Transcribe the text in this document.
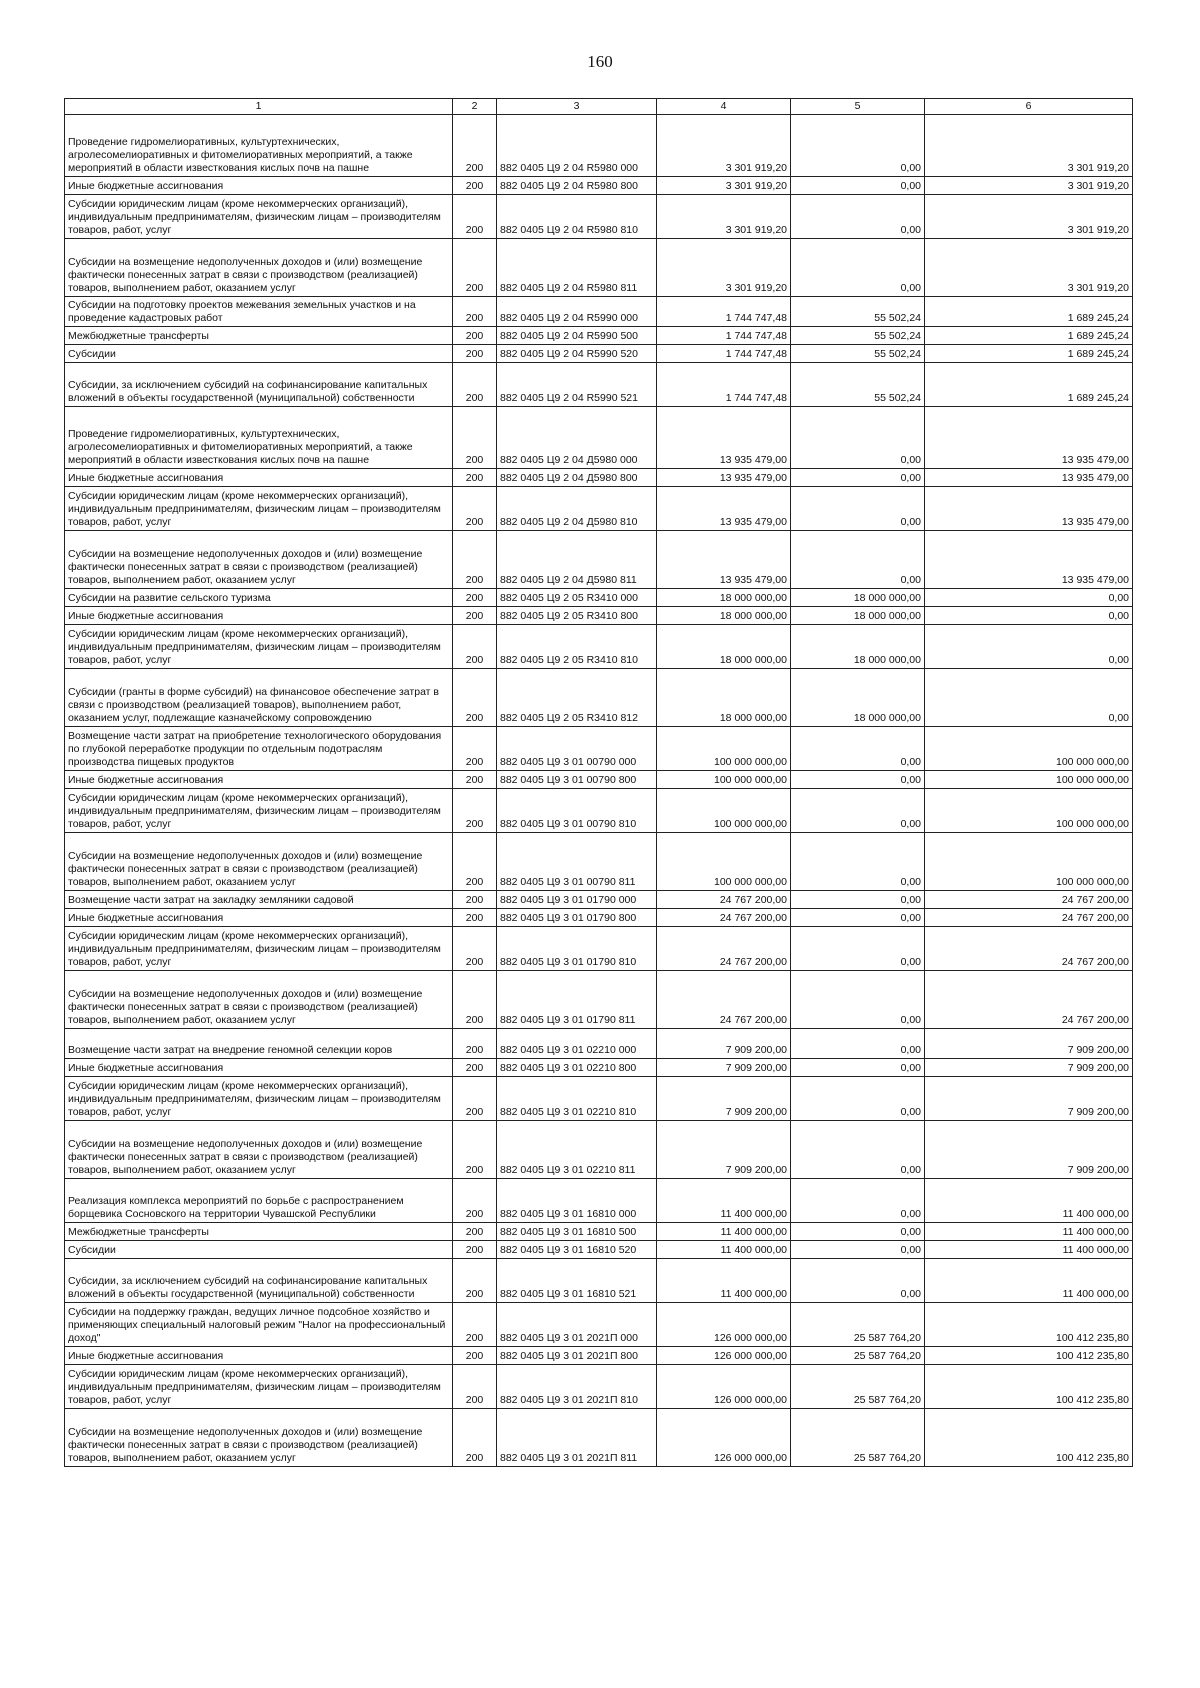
160
1	2	3	4	5	6
Проведение гидромелиоративных, культуртехнических, агролесомелиоративных и фитомелиоративных мероприятий, а также мероприятий в области известкования кислых почв на пашне	200	882 0405 Ц9 2 04 R5980 000	3 301 919,20	0,00	3 301 919,20
Иные бюджетные ассигнования	200	882 0405 Ц9 2 04 R5980 800	3 301 919,20	0,00	3 301 919,20
Субсидии юридическим лицам (кроме некоммерческих организаций), индивидуальным предпринимателям, физическим лицам – производителям товаров, работ, услуг	200	882 0405 Ц9 2 04 R5980 810	3 301 919,20	0,00	3 301 919,20
Субсидии на возмещение недополученных доходов и (или) возмещение фактически понесенных затрат в связи с производством (реализацией) товаров, выполнением работ, оказанием услуг	200	882 0405 Ц9 2 04 R5980 811	3 301 919,20	0,00	3 301 919,20
Субсидии на подготовку проектов межевания земельных участков и на проведение кадастровых работ	200	882 0405 Ц9 2 04 R5990 000	1 744 747,48	55 502,24	1 689 245,24
Межбюджетные трансферты	200	882 0405 Ц9 2 04 R5990 500	1 744 747,48	55 502,24	1 689 245,24
Субсидии	200	882 0405 Ц9 2 04 R5990 520	1 744 747,48	55 502,24	1 689 245,24
Субсидии, за исключением субсидий на софинансирование капитальных вложений в объекты государственной (муниципальной) собственности	200	882 0405 Ц9 2 04 R5990 521	1 744 747,48	55 502,24	1 689 245,24
Проведение гидромелиоративных, культуртехнических, агролесомелиоративных и фитомелиоративных мероприятий, а также мероприятий в области известкования кислых почв на пашне	200	882 0405 Ц9 2 04 Д5980 000	13 935 479,00	0,00	13 935 479,00
Иные бюджетные ассигнования	200	882 0405 Ц9 2 04 Д5980 800	13 935 479,00	0,00	13 935 479,00
Субсидии юридическим лицам (кроме некоммерческих организаций), индивидуальным предпринимателям, физическим лицам – производителям товаров, работ, услуг	200	882 0405 Ц9 2 04 Д5980 810	13 935 479,00	0,00	13 935 479,00
Субсидии на возмещение недополученных доходов и (или) возмещение фактически понесенных затрат в связи с производством (реализацией) товаров, выполнением работ, оказанием услуг	200	882 0405 Ц9 2 04 Д5980 811	13 935 479,00	0,00	13 935 479,00
Субсидии на развитие сельского туризма	200	882 0405 Ц9 2 05 R3410 000	18 000 000,00	18 000 000,00	0,00
Иные бюджетные ассигнования	200	882 0405 Ц9 2 05 R3410 800	18 000 000,00	18 000 000,00	0,00
Субсидии юридическим лицам (кроме некоммерческих организаций), индивидуальным предпринимателям, физическим лицам – производителям товаров, работ, услуг	200	882 0405 Ц9 2 05 R3410 810	18 000 000,00	18 000 000,00	0,00
Субсидии (гранты в форме субсидий) на финансовое обеспечение затрат в связи с производством (реализацией товаров), выполнением работ, оказанием услуг, подлежащие казначейскому сопровождению	200	882 0405 Ц9 2 05 R3410 812	18 000 000,00	18 000 000,00	0,00
Возмещение части затрат на приобретение технологического оборудования по глубокой переработке продукции по отдельным подотраслям производства пищевых продуктов	200	882 0405 Ц9 3 01 00790 000	100 000 000,00	0,00	100 000 000,00
Иные бюджетные ассигнования	200	882 0405 Ц9 3 01 00790 800	100 000 000,00	0,00	100 000 000,00
Субсидии юридическим лицам (кроме некоммерческих организаций), индивидуальным предпринимателям, физическим лицам – производителям товаров, работ, услуг	200	882 0405 Ц9 3 01 00790 810	100 000 000,00	0,00	100 000 000,00
Субсидии на возмещение недополученных доходов и (или) возмещение фактически понесенных затрат в связи с производством (реализацией) товаров, выполнением работ, оказанием услуг	200	882 0405 Ц9 3 01 00790 811	100 000 000,00	0,00	100 000 000,00
Возмещение части затрат на закладку земляники садовой	200	882 0405 Ц9 3 01 01790 000	24 767 200,00	0,00	24 767 200,00
Иные бюджетные ассигнования	200	882 0405 Ц9 3 01 01790 800	24 767 200,00	0,00	24 767 200,00
Субсидии юридическим лицам (кроме некоммерческих организаций), индивидуальным предпринимателям, физическим лицам – производителям товаров, работ, услуг	200	882 0405 Ц9 3 01 01790 810	24 767 200,00	0,00	24 767 200,00
Субсидии на возмещение недополученных доходов и (или) возмещение фактически понесенных затрат в связи с производством (реализацией) товаров, выполнением работ, оказанием услуг	200	882 0405 Ц9 3 01 01790 811	24 767 200,00	0,00	24 767 200,00
Возмещение части затрат на внедрение геномной селекции коров	200	882 0405 Ц9 3 01 02210 000	7 909 200,00	0,00	7 909 200,00
Иные бюджетные ассигнования	200	882 0405 Ц9 3 01 02210 800	7 909 200,00	0,00	7 909 200,00
Субсидии юридическим лицам (кроме некоммерческих организаций), индивидуальным предпринимателям, физическим лицам – производителям товаров, работ, услуг	200	882 0405 Ц9 3 01 02210 810	7 909 200,00	0,00	7 909 200,00
Субсидии на возмещение недополученных доходов и (или) возмещение фактически понесенных затрат в связи с производством (реализацией) товаров, выполнением работ, оказанием услуг	200	882 0405 Ц9 3 01 02210 811	7 909 200,00	0,00	7 909 200,00
Реализация комплекса мероприятий по борьбе с распространением борщевика Сосновского на территории Чувашской Республики	200	882 0405 Ц9 3 01 16810 000	11 400 000,00	0,00	11 400 000,00
Межбюджетные трансферты	200	882 0405 Ц9 3 01 16810 500	11 400 000,00	0,00	11 400 000,00
Субсидии	200	882 0405 Ц9 3 01 16810 520	11 400 000,00	0,00	11 400 000,00
Субсидии, за исключением субсидий на софинансирование капитальных вложений в объекты государственной (муниципальной) собственности	200	882 0405 Ц9 3 01 16810 521	11 400 000,00	0,00	11 400 000,00
Субсидии на поддержку граждан, ведущих личное подсобное хозяйство и применяющих специальный налоговый режим "Налог на профессиональный доход"	200	882 0405 Ц9 3 01 2021П 000	126 000 000,00	25 587 764,20	100 412 235,80
Иные бюджетные ассигнования	200	882 0405 Ц9 3 01 2021П 800	126 000 000,00	25 587 764,20	100 412 235,80
Субсидии юридическим лицам (кроме некоммерческих организаций), индивидуальным предпринимателям, физическим лицам – производителям товаров, работ, услуг	200	882 0405 Ц9 3 01 2021П 810	126 000 000,00	25 587 764,20	100 412 235,80
Субсидии на возмещение недополученных доходов и (или) возмещение фактически понесенных затрат в связи с производством (реализацией) товаров, выполнением работ, оказанием услуг	200	882 0405 Ц9 3 01 2021П 811	126 000 000,00	25 587 764,20	100 412 235,80
